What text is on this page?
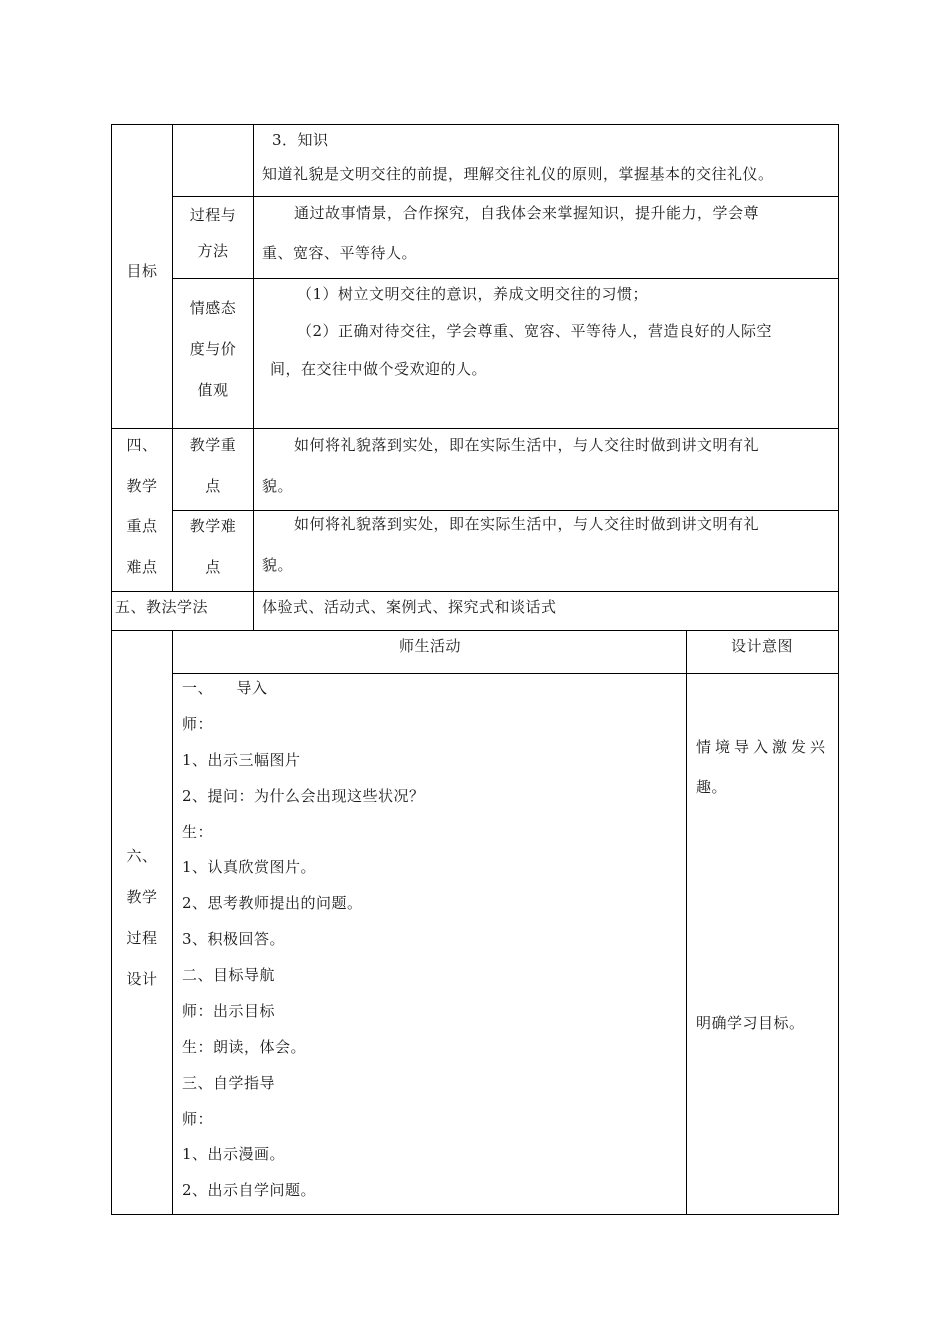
目标
3．知识
知道礼貌是文明交往的前提，理解交往礼仪的原则，掌握基本的交往礼仪。
过程与
方法
通过故事情景，合作探究，自我体会来掌握知识，提升能力，学会尊
重、宽容、平等待人。
情感态
度与价
值观
（1）树立文明交往的意识，养成文明交往的习惯；
（2）正确对待交往，学会尊重、宽容、平等待人，营造良好的人际空
间，在交往中做个受欢迎的人。
四、
教学
重点
难点
教学重
点
如何将礼貌落到实处，即在实际生活中，与人交往时做到讲文明有礼
貌。
教学难
点
如何将礼貌落到实处，即在实际生活中，与人交往时做到讲文明有礼
貌。
五、教法学法	体验式、活动式、案例式、探究式和谈话式
六、
教学
过程
设计
师生活动	设计意图
一、　　导入
师：
1、出示三幅图片
2、提问：为什么会出现这些状况？
生：
1、认真欣赏图片。
2、思考教师提出的问题。
3、积极回答。
二、目标导航
师：出示目标
生：朗读，体会。
三、自学指导
师：
1、出示漫画。
2、出示自学问题。
情境导入激发兴
趣。
明确学习目标。
